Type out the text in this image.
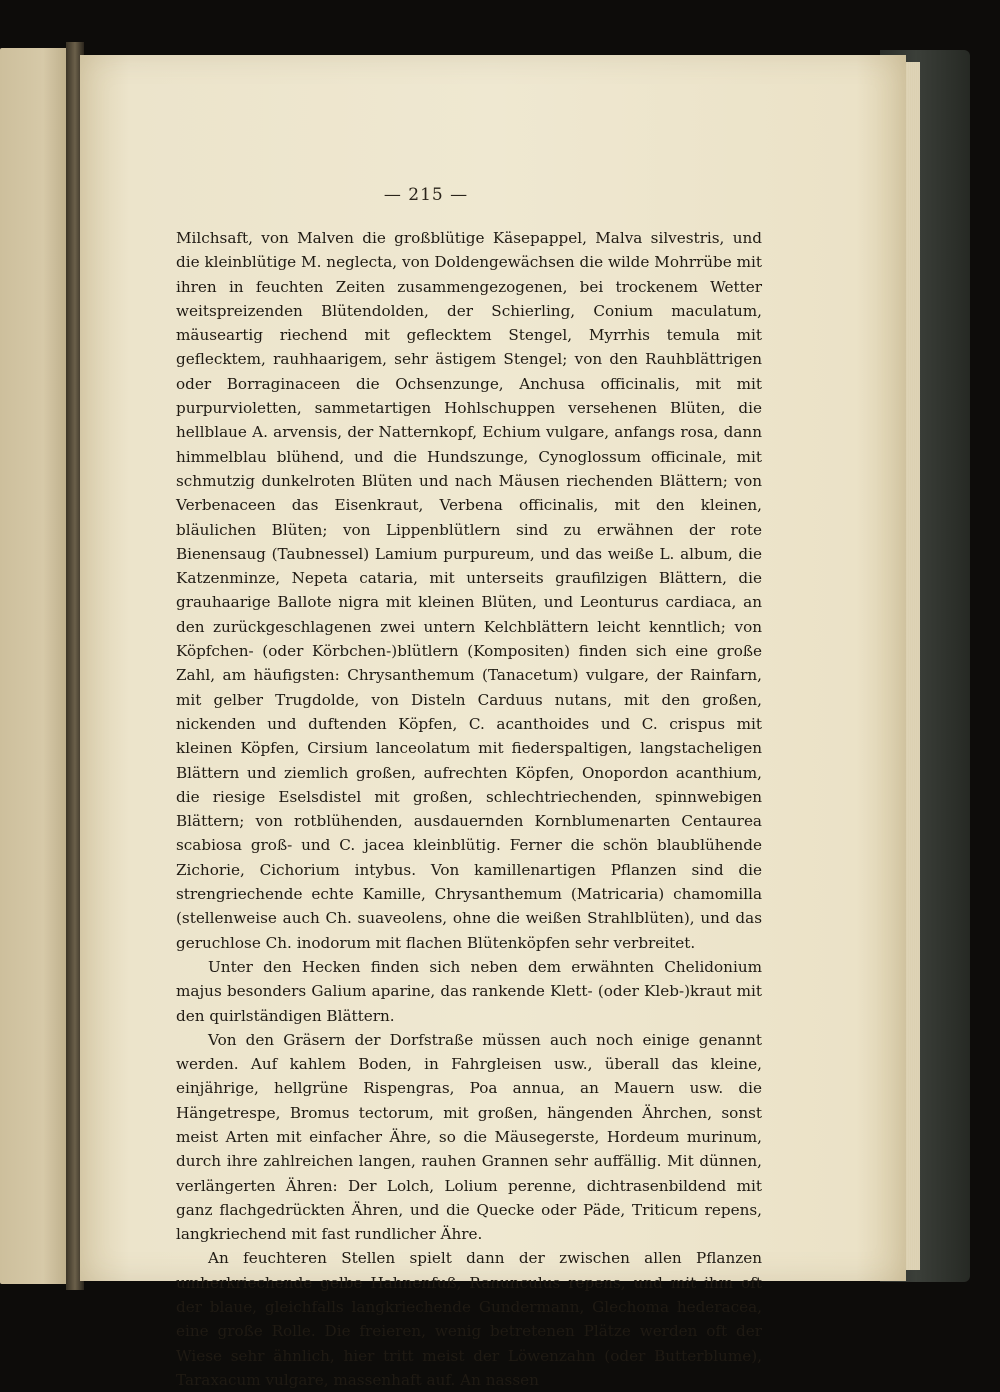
— 215 —

Milchsaft, von Malven die großblütige Käsepappel, Malva silvestris, und die kleinblütige M. neglecta, von Doldengewächsen die wilde Mohrrübe mit ihren in feuchten Zeiten zusammengezogenen, bei trockenem Wetter weitspreizenden Blütendolden, der Schierling, Conium maculatum, mäuseartig riechend mit geflecktem Stengel, Myrrhis temula mit geflecktem, rauhhaarigem, sehr ästigem Stengel; von den Rauhblättrigen oder Borraginaceen die Ochsenzunge, Anchusa officinalis, mit mit purpurvioletten, sammetartigen Hohlschuppen versehenen Blüten, die hellblaue A. arvensis, der Natternkopf, Echium vulgare, anfangs rosa, dann himmelblau blühend, und die Hundszunge, Cynoglossum officinale, mit schmutzig dunkelroten Blüten und nach Mäusen riechenden Blättern; von Verbenaceen das Eisenkraut, Verbena officinalis, mit den kleinen, bläulichen Blüten; von Lippenblütlern sind zu erwähnen der rote Bienensaug (Taubnessel) Lamium purpureum, und das weiße L. album, die Katzenminze, Nepeta cataria, mit unterseits graufilzigen Blättern, die grauhaarige Ballote nigra mit kleinen Blüten, und Leonturus cardiaca, an den zurückgeschlagenen zwei untern Kelchblättern leicht kenntlich; von Köpfchen- (oder Körbchen-)blütlern (Kompositen) finden sich eine große Zahl, am häufigsten: Chrysanthemum (Tanacetum) vulgare, der Rainfarn, mit gelber Trugdolde, von Disteln Carduus nutans, mit den großen, nickenden und duftenden Köpfen, C. acanthoides und C. crispus mit kleinen Köpfen, Cirsium lanceolatum mit fiederspaltigen, langstacheligen Blättern und ziemlich großen, aufrechten Köpfen, Onopordon acanthium, die riesige Eselsdistel mit großen, schlechtriechenden, spinnwebigen Blättern; von rotblühenden, ausdauernden Kornblumenarten Centaurea scabiosa groß- und C. jacea kleinblütig. Ferner die schön blaublühende Zichorie, Cichorium intybus. Von kamillenartigen Pflanzen sind die strengriechende echte Kamille, Chrysanthemum (Matricaria) chamomilla (stellenweise auch Ch. suaveolens, ohne die weißen Strahlblüten), und das geruchlose Ch. inodorum mit flachen Blütenköpfen sehr verbreitet.

Unter den Hecken finden sich neben dem erwähnten Chelidonium majus besonders Galium aparine, das rankende Klett- (oder Kleb-)kraut mit den quirlständigen Blättern.

Von den Gräsern der Dorfstraße müssen auch noch einige genannt werden. Auf kahlem Boden, in Fahrgleisen usw., überall das kleine, einjährige, hellgrüne Rispengras, Poa annua, an Mauern usw. die Hängetrespe, Bromus tectorum, mit großen, hängenden Ährchen, sonst meist Arten mit einfacher Ähre, so die Mäusegerste, Hordeum murinum, durch ihre zahlreichen langen, rauhen Grannen sehr auffällig. Mit dünnen, verlängerten Ähren: Der Lolch, Lolium perenne, dichtrasenbildend mit ganz flachgedrückten Ähren, und die Quecke oder Päde, Triticum repens, langkriechend mit fast rundlicher Ähre.

An feuchteren Stellen spielt dann der zwischen allen Pflanzen umherkriechende gelbe Hahnenfuß, Ranunculus repens, und mit ihm oft der blaue, gleichfalls langkriechende Gundermann, Glechoma hederacea, eine große Rolle. Die freieren, wenig betretenen Plätze werden oft der Wiese sehr ähnlich, hier tritt meist der Löwenzahn (oder Butterblume), Taraxacum vulgare, massenhaft auf. An nassen
